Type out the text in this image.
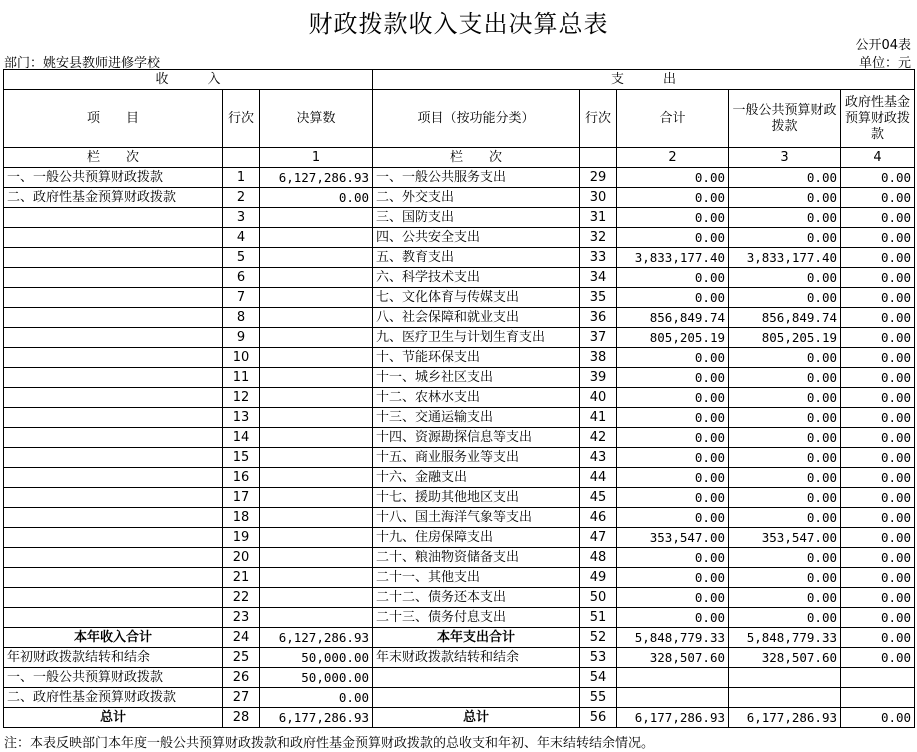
财政拨款收入支出决算总表
公开04表
部门：姚安县教师进修学校	单位：元
收　　　入			支　　　出				
项　　目	行次	决算数	项目（按功能分类）	行次	合计	一般公共预算财政拨款	政府性基金预算财政拨款
栏　　次		1	栏　　次		2	3	4
一、一般公共预算财政拨款	1	6,127,286.93	一、一般公共服务支出	29	0.00	0.00	0.00
二、政府性基金预算财政拨款	2	0.00	二、外交支出	30	0.00	0.00	0.00
	3		三、国防支出	31	0.00	0.00	0.00
	4		四、公共安全支出	32	0.00	0.00	0.00
	5		五、教育支出	33	3,833,177.40	3,833,177.40	0.00
	6		六、科学技术支出	34	0.00	0.00	0.00
	7		七、文化体育与传媒支出	35	0.00	0.00	0.00
	8		八、社会保障和就业支出	36	856,849.74	856,849.74	0.00
	9		九、医疗卫生与计划生育支出	37	805,205.19	805,205.19	0.00
	10		十、节能环保支出	38	0.00	0.00	0.00
	11		十一、城乡社区支出	39	0.00	0.00	0.00
	12		十二、农林水支出	40	0.00	0.00	0.00
	13		十三、交通运输支出	41	0.00	0.00	0.00
	14		十四、资源勘探信息等支出	42	0.00	0.00	0.00
	15		十五、商业服务业等支出	43	0.00	0.00	0.00
	16		十六、金融支出	44	0.00	0.00	0.00
	17		十七、援助其他地区支出	45	0.00	0.00	0.00
	18		十八、国土海洋气象等支出	46	0.00	0.00	0.00
	19		十九、住房保障支出	47	353,547.00	353,547.00	0.00
	20		二十、粮油物资储备支出	48	0.00	0.00	0.00
	21		二十一、其他支出	49	0.00	0.00	0.00
	22		二十二、债务还本支出	50	0.00	0.00	0.00
	23		二十三、债务付息支出	51	0.00	0.00	0.00
本年收入合计	24	6,127,286.93	本年支出合计	52	5,848,779.33	5,848,779.33	0.00
年初财政拨款结转和结余	25	50,000.00	年末财政拨款结转和结余	53	328,507.60	328,507.60	0.00
一、一般公共预算财政拨款	26	50,000.00		54			
二、政府性基金预算财政拨款	27	0.00		55			
总计	28	6,177,286.93	总计	56	6,177,286.93	6,177,286.93	0.00
注：本表反映部门本年度一般公共预算财政拨款和政府性基金预算财政拨款的总收支和年初、年末结转结余情况。
